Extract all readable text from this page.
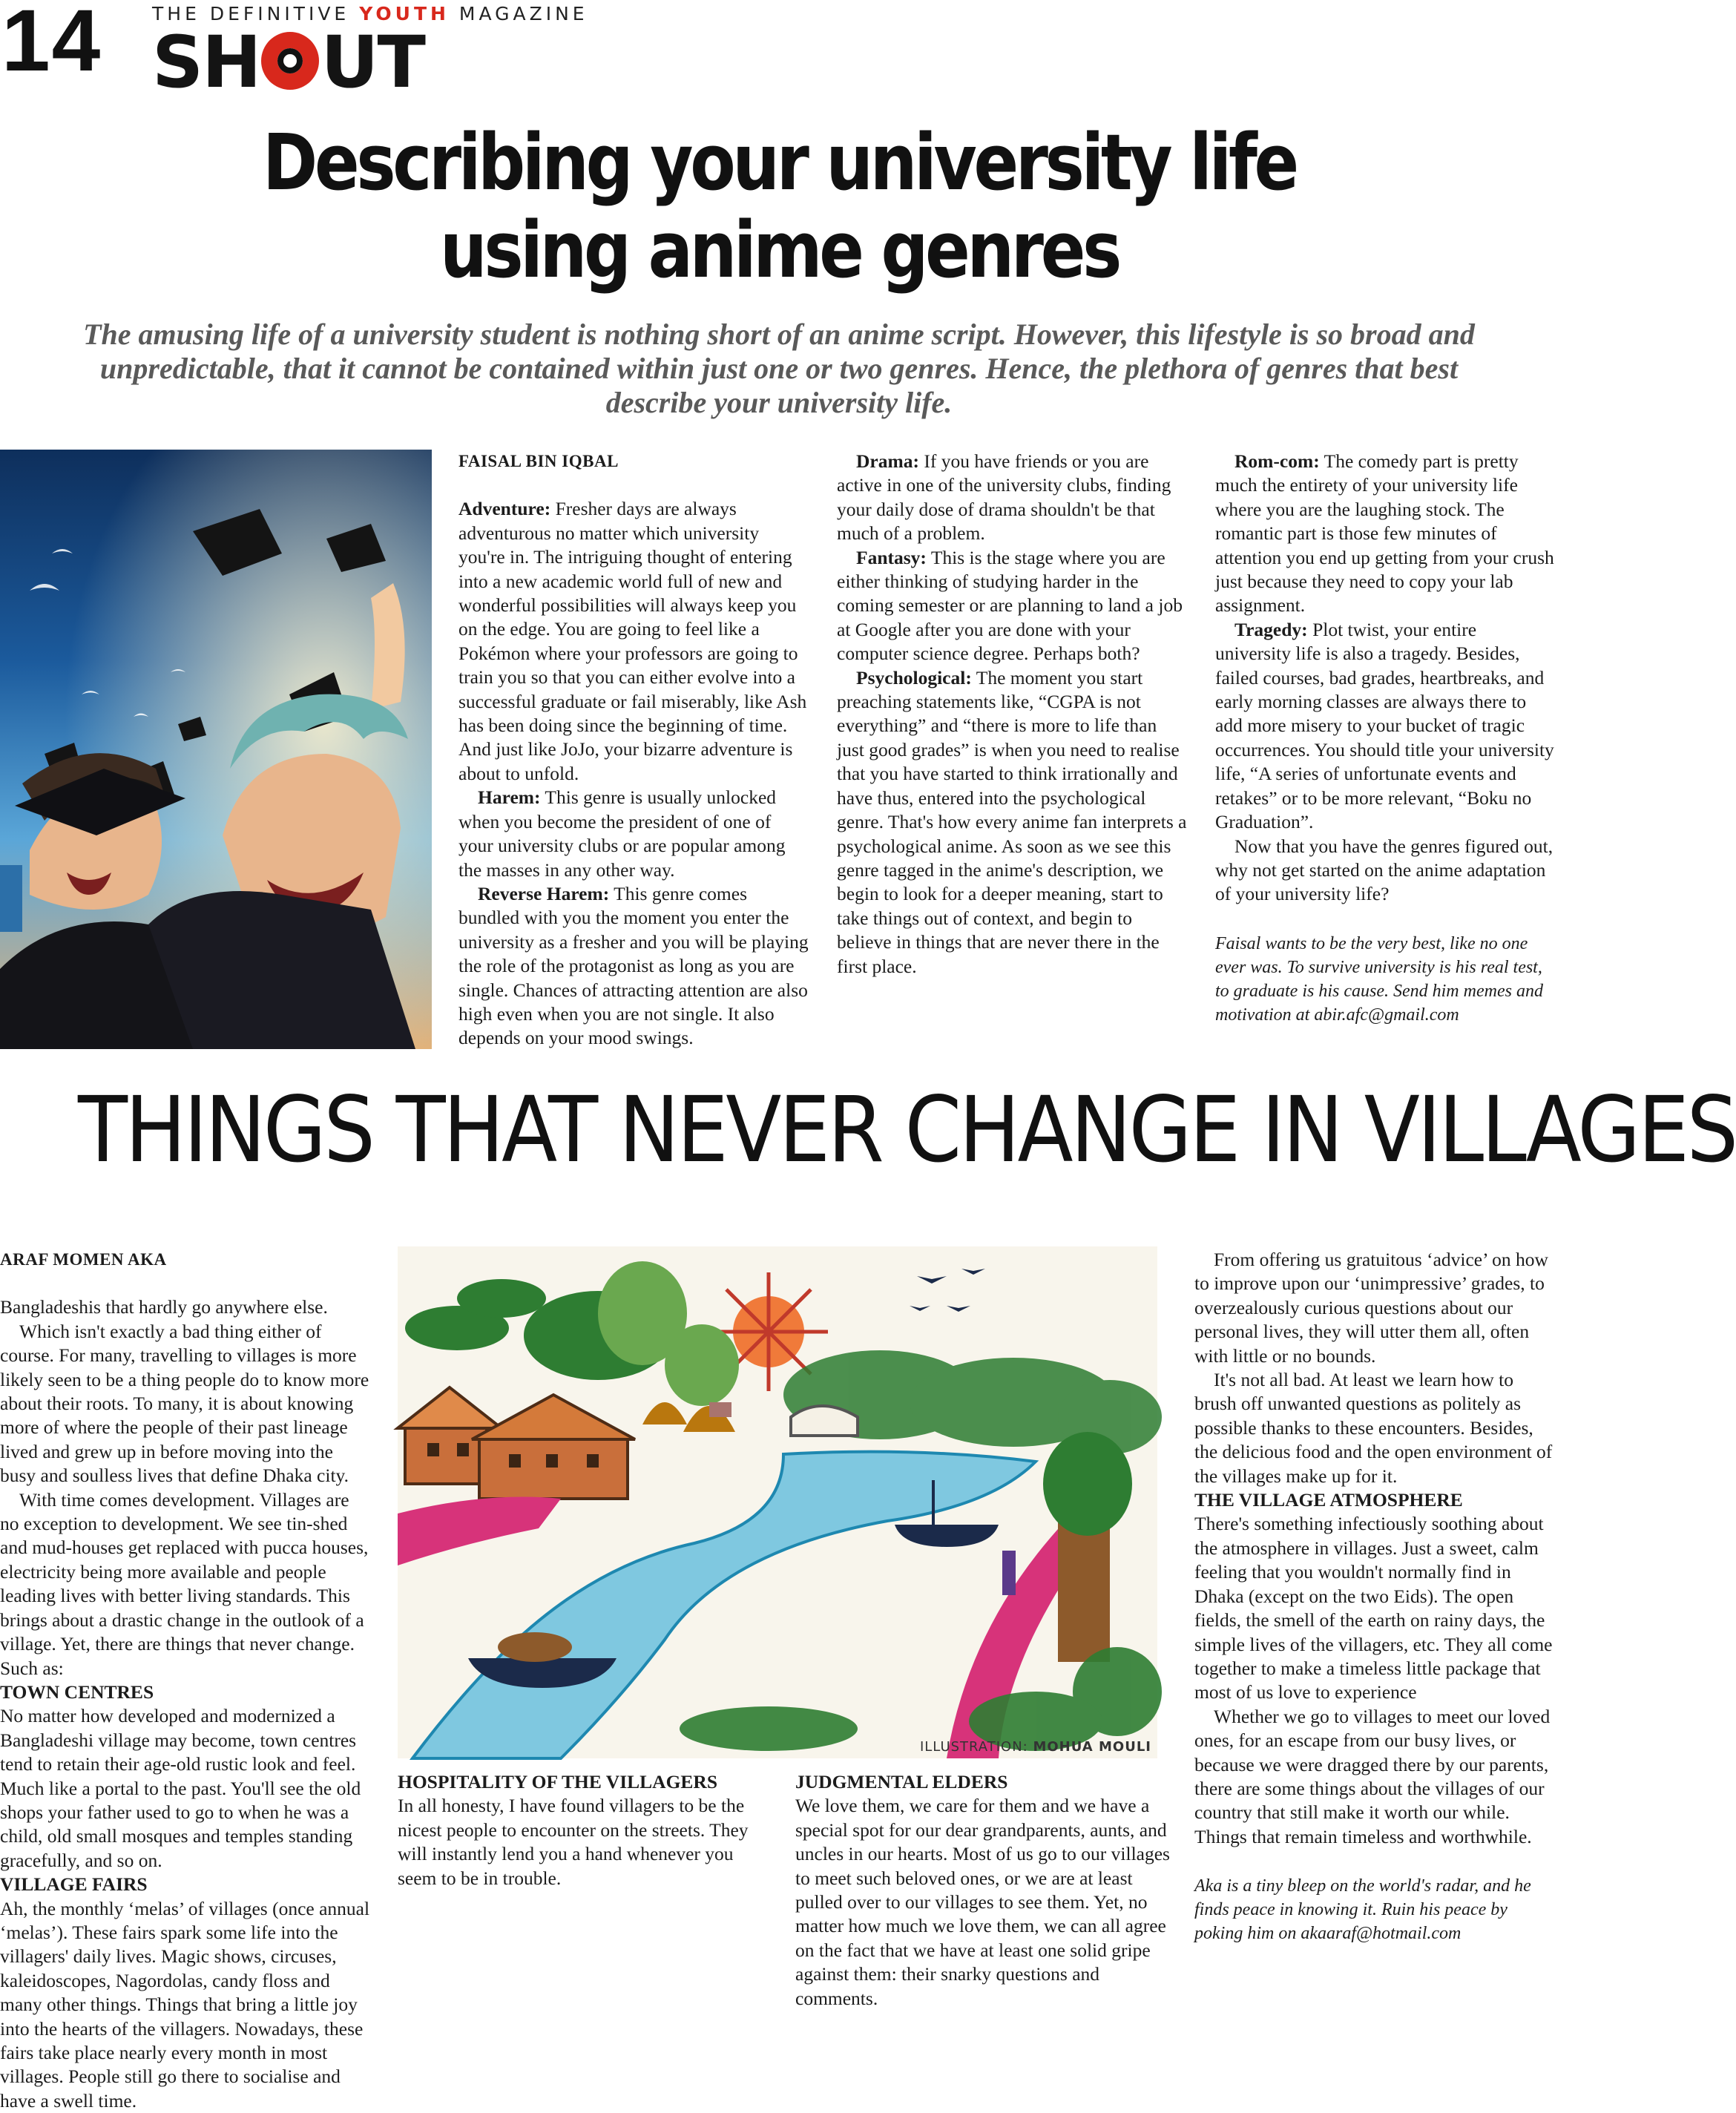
14	THE DEFINITIVE YOUTH MAGAZINE
SH UT
Describing your university life
using anime genres
The amusing life of a university student is nothing short of an anime script. However, this lifestyle is so broad and unpredictable, that it cannot be contained within just one or two genres. Hence, the plethora of genres that best describe your university life.

FAISAL BIN IQBAL

Adventure: Fresher days are always adventurous no matter which university you're in. The intriguing thought of entering into a new academic world full of new and wonderful possibilities will always keep you on the edge. You are going to feel like a Pokémon where your professors are going to train you so that you can either evolve into a successful graduate or fail miserably, like Ash has been doing since the beginning of time. And just like JoJo, your bizarre adventure is about to unfold.

Harem: This genre is usually unlocked when you become the president of one of your university clubs or are popular among the masses in any other way.

Reverse Harem: This genre comes bundled with you the moment you enter the university as a fresher and you will be playing the role of the protagonist as long as you are single. Chances of attracting attention are also high even when you are not single. It also depends on your mood swings.

Drama: If you have friends or you are active in one of the university clubs, finding your daily dose of drama shouldn't be that much of a problem.

Fantasy: This is the stage where you are either thinking of studying harder in the coming semester or are planning to land a job at Google after you are done with your computer science degree. Perhaps both?

Psychological: The moment you start preaching statements like, “CGPA is not everything” and “there is more to life than just good grades” is when you need to realise that you have started to think irrationally and have thus, entered into the psychological genre. That's how every anime fan interprets a psychological anime. As soon as we see this genre tagged in the anime's description, we begin to look for a deeper meaning, start to take things out of context, and begin to believe in things that are never there in the first place.

Rom-com: The comedy part is pretty much the entirety of your university life where you are the laughing stock. The romantic part is those few minutes of attention you end up getting from your crush just because they need to copy your lab assignment.

Tragedy: Plot twist, your entire university life is also a tragedy. Besides, failed courses, bad grades, heartbreaks, and early morning classes are always there to add more misery to your bucket of tragic occurrences. You should title your university life, “A series of unfortunate events and retakes” or to be more relevant, “Boku no Graduation”.

Now that you have the genres figured out, why not get started on the anime adaptation of your university life?

Faisal wants to be the very best, like no one ever was. To survive university is his real test, to graduate is his cause. Send him memes and motivation at abir.afc@gmail.com

THINGS THAT NEVER CHANGE IN VILLAGES

ARAF MOMEN AKA

Bangladeshis that hardly go anywhere else.

Which isn't exactly a bad thing either of course. For many, travelling to villages is more likely seen to be a thing people do to know more about their roots. To many, it is about knowing more of where the people of their past lineage lived and grew up in before moving into the busy and soulless lives that define Dhaka city.

With time comes development. Villages are no exception to development. We see tin-shed and mud-houses get replaced with pucca houses, electricity being more available and people leading lives with better living standards. This brings about a drastic change in the outlook of a village. Yet, there are things that never change. Such as:

TOWN CENTRES

No matter how developed and modernized a Bangladeshi village may become, town centres tend to retain their age-old rustic look and feel. Much like a portal to the past. You'll see the old shops your father used to go to when he was a child, old small mosques and temples standing gracefully, and so on.

VILLAGE FAIRS

Ah, the monthly ‘melas’ of villages (once annual ‘melas’). These fairs spark some life into the villagers' daily lives. Magic shows, circuses, kaleidoscopes, Nagordolas, candy floss and many other things. Things that bring a little joy into the hearts of the villagers. Nowadays, these fairs take place nearly every month in most villages. People still go there to socialise and have a swell time.

ILLUSTRATION: MOHUA MOULI

HOSPITALITY OF THE VILLAGERS

In all honesty, I have found villagers to be the nicest people to encounter on the streets. They will instantly lend you a hand whenever you seem to be in trouble.

JUDGMENTAL ELDERS

We love them, we care for them and we have a special spot for our dear grandparents, aunts, and uncles in our hearts. Most of us go to our villages to meet such beloved ones, or we are at least pulled over to our villages to see them. Yet, no matter how much we love them, we can all agree on the fact that we have at least one solid gripe against them: their snarky questions and comments.

From offering us gratuitous ‘advice’ on how to improve upon our ‘unimpressive’ grades, to overzealously curious questions about our personal lives, they will utter them all, often with little or no bounds.

It's not all bad. At least we learn how to brush off unwanted questions as politely as possible thanks to these encounters. Besides, the delicious food and the open environment of the villages make up for it.

THE VILLAGE ATMOSPHERE

There's something infectiously soothing about the atmosphere in villages. Just a sweet, calm feeling that you wouldn't normally find in Dhaka (except on the two Eids). The open fields, the smell of the earth on rainy days, the simple lives of the villagers, etc. They all come together to make a timeless little package that most of us love to experience

Whether we go to villages to meet our loved ones, for an escape from our busy lives, or because we were dragged there by our parents, there are some things about the villages of our country that still make it worth our while. Things that remain timeless and worthwhile.

Aka is a tiny bleep on the world's radar, and he finds peace in knowing it. Ruin his peace by poking him on akaaraf@hotmail.com
